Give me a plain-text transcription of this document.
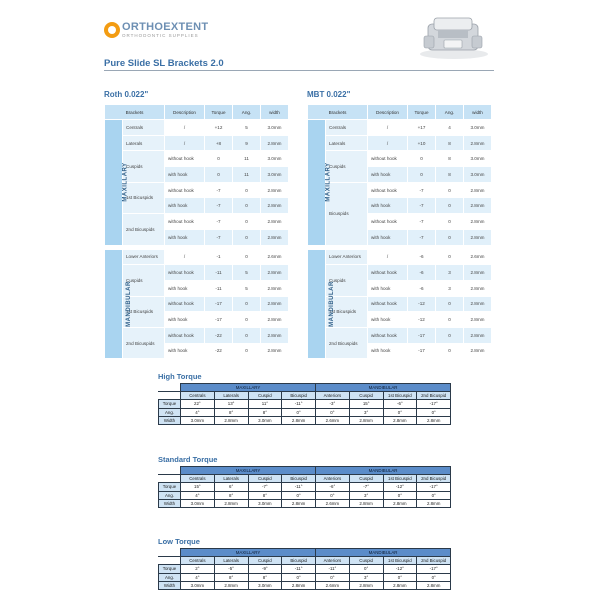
ORTHOEXTENT
ORTHODONTIC SUPPLIES
Pure Slide SL Brackets 2.0
Roth 0.022"
Brackets		Description	Torque	Ang.	width
MAXILLARY	Centrals	/	+12	5	3.0mm
	Laterals	/	+8	9	2.8mm
	Cuspids	without hook	0	11	3.0mm
		with hook	0	11	3.0mm
	1st Bicuspids	without hook	-7	0	2.8mm
		with hook	-7	0	2.8mm
	2nd Bicuspids	without hook	-7	0	2.8mm
		with hook	-7	0	2.8mm

MANDIBULAR	Lower Anteriors	/	-1	0	2.6mm
	Cuspids	without hook	-11	5	2.8mm
		with hook	-11	5	2.8mm
	1st Bicuspids	without hook	-17	0	2.8mm
		with hook	-17	0	2.8mm
	2nd Bicuspids	without hook	-22	0	2.8mm
		with hook	-22	0	2.8mm
MBT 0.022"
Brackets		Description	Torque	Ang.	width
MAXILLARY	Centrals	/	+17	4	3.0mm
	Laterals	/	+10	8	2.8mm
	Cuspids	without hook	0	8	3.0mm
		with hook	0	8	3.0mm
	Bicuspids	without hook	-7	0	2.8mm
		with hook	-7	0	2.8mm
		without hook	-7	0	2.8mm
		with hook	-7	0	2.8mm

MANDIBULAR	Lower Anteriors	/	-6	0	2.6mm
	Cuspids	without hook	-6	3	2.8mm
		with hook	-6	3	2.8mm
	1st Bicuspids	without hook	-12	0	2.8mm
		with hook	-12	0	2.8mm
	2nd Bicuspids	without hook	-17	0	2.8mm
		with hook	-17	0	2.8mm
High Torque
	MAXILLARY				MANDIBULAR			
	Centrals	Laterals	Cuspid	Bicuspid	Anteriors	Cuspid	1st Bicuspid	2nd Bicuspid
Torque	22°	13°	11°	-11°	-3°	15°	-6°	-17°
Ang.	4°	8°	8°	0°	0°	3°	0°	0°
Width	3.0mm	2.8mm	3.0mm	2.8mm	2.6mm	2.8mm	2.8mm	2.8mm
Standard Torque
	MAXILLARY				MANDIBULAR			
	Centrals	Laterals	Cuspid	Bicuspid	Anteriors	Cuspid	1st Bicuspid	2nd Bicuspid
Torque	15°	6°	-7°	-11°	-6°	-7°	-12°	-17°
Ang.	4°	8°	8°	0°	0°	3°	0°	0°
Width	3.0mm	2.8mm	3.0mm	2.8mm	2.6mm	2.8mm	2.8mm	2.8mm
Low Torque
	MAXILLARY				MANDIBULAR			
	Centrals	Laterals	Cuspid	Bicuspid	Anteriors	Cuspid	1st Bicuspid	2nd Bicuspid
Torque	2°	-5°	-9°	-11°	-11°	0°	-12°	-17°
Ang.	4°	8°	8°	0°	0°	3°	0°	0°
Width	3.0mm	2.8mm	3.0mm	2.8mm	2.6mm	2.8mm	2.8mm	2.8mm
